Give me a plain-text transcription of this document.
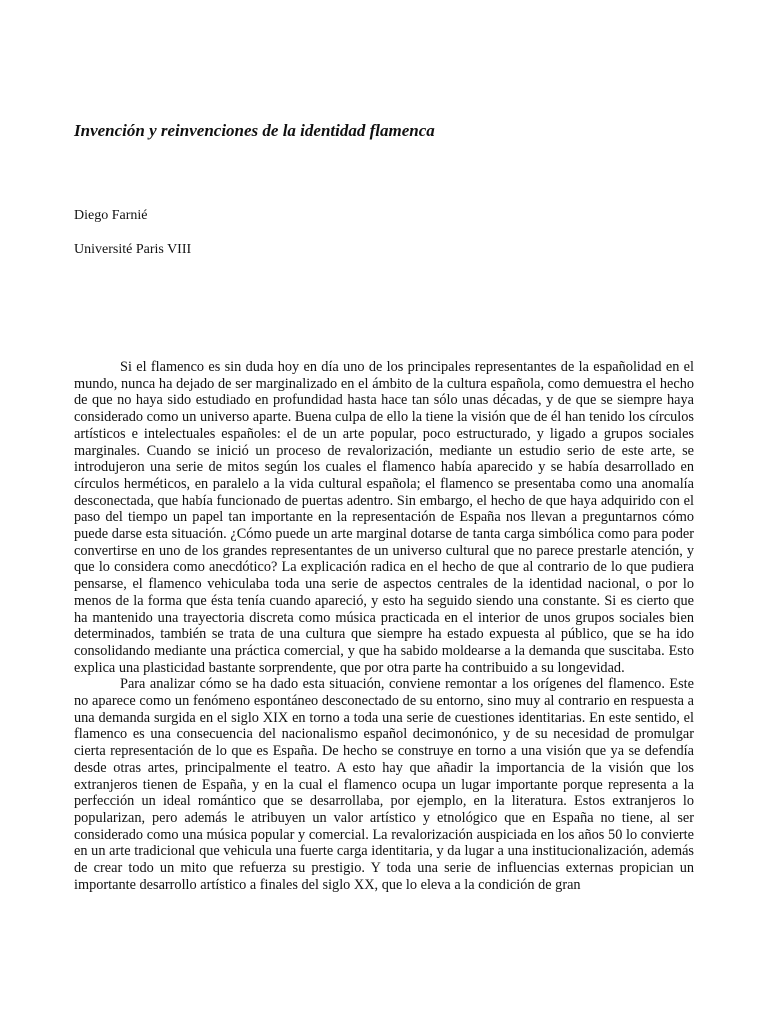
Invención y reinvenciones de la identidad flamenca

Diego Farnié

Université Paris VIII

Si el flamenco es sin duda hoy en día uno de los principales representantes de la españolidad en el mundo, nunca ha dejado de ser marginalizado en el ámbito de la cultura española, como demuestra el hecho de que no haya sido estudiado en profundidad hasta hace tan sólo unas décadas, y de que se siempre haya considerado como un universo aparte. Buena culpa de ello la tiene la visión que de él han tenido los círculos artísticos e intelectuales españoles: el de un arte popular, poco estructurado, y ligado a grupos sociales marginales. Cuando se inició un proceso de revalorización, mediante un estudio serio de este arte, se introdujeron una serie de mitos según los cuales el flamenco había aparecido y se había desarrollado en círculos herméticos, en paralelo a la vida cultural española; el flamenco se presentaba como una anomalía desconectada, que había funcionado de puertas adentro. Sin embargo, el hecho de que haya adquirido con el paso del tiempo un papel tan importante en la representación de España nos llevan a preguntarnos cómo puede darse esta situación. ¿Cómo puede un arte marginal dotarse de tanta carga simbólica como para poder convertirse en uno de los grandes representantes de un universo cultural que no parece prestarle atención, y que lo considera como anecdótico? La explicación radica en el hecho de que al contrario de lo que pudiera pensarse, el flamenco vehiculaba toda una serie de aspectos centrales de la identidad nacional, o por lo menos de la forma que ésta tenía cuando apareció, y esto ha seguido siendo una constante. Si es cierto que ha mantenido una trayectoria discreta como música practicada en el interior de unos grupos sociales bien determinados, también se trata de una cultura que siempre ha estado expuesta al público, que se ha ido consolidando mediante una práctica comercial, y que ha sabido moldearse a la demanda que suscitaba. Esto explica una plasticidad bastante sorprendente, que por otra parte ha contribuido a su longevidad.

Para analizar cómo se ha dado esta situación, conviene remontar a los orígenes del flamenco. Este no aparece como un fenómeno espontáneo desconectado de su entorno, sino muy al contrario en respuesta a una demanda surgida en el siglo XIX en torno a toda una serie de cuestiones identitarias. En este sentido, el flamenco es una consecuencia del nacionalismo español decimonónico, y de su necesidad de promulgar cierta representación de lo que es España. De hecho se construye en torno a una visión que ya se defendía desde otras artes, principalmente el teatro. A esto hay que añadir la importancia de la visión que los extranjeros tienen de España, y en la cual el flamenco ocupa un lugar importante porque representa a la perfección un ideal romántico que se desarrollaba, por ejemplo, en la literatura. Estos extranjeros lo popularizan, pero además le atribuyen un valor artístico y etnológico que en España no tiene, al ser considerado como una música popular y comercial. La revalorización auspiciada en los años 50 lo convierte en un arte tradicional que vehicula una fuerte carga identitaria, y da lugar a una institucionalización, además de crear todo un mito que refuerza su prestigio. Y toda una serie de influencias externas propician un importante desarrollo artístico a finales del siglo XX, que lo eleva a la condición de gran
